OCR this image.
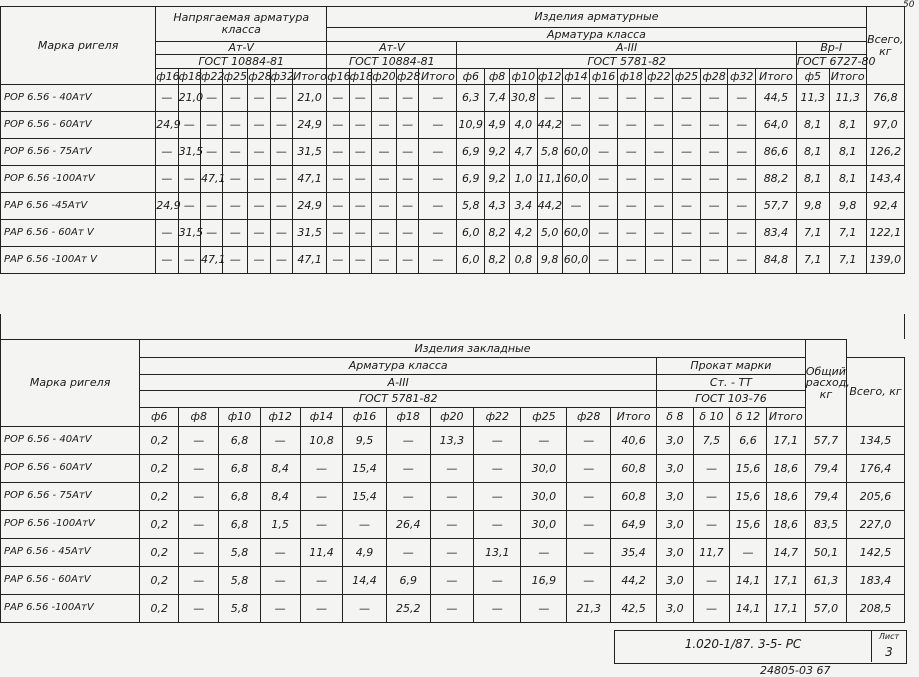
50
Марка ригеля	Напрягаемая арматура класса							Изделия арматурные																			Всего, кг
								Арматура класса																			
	Ат-V							Ат-V					А-III												Вр-I		
	ГОСТ 10884-81							ГОСТ 10884-81					ГОСТ 5781-82												ГОСТ 6727-80		
	ф16	ф18	ф22	ф25	ф28	ф32	Итого	ф16	ф18	ф20	ф28	Итого	ф6	ф8	ф10	ф12	ф14	ф16	ф18	ф22	ф25	ф28	ф32	Итого	ф5	Итого	
РОР 6.56 - 40АтV	—	21,0	—	—	—	—	21,0	—	—	—	—	—	6,3	7,4	30,8	—	—	—	—	—	—	—	—	44,5	11,3	11,3	76,8
РОР 6.56 - 60АтV	24,9	—	—	—	—	—	24,9	—	—	—	—	—	10,9	4,9	4,0	44,2	—	—	—	—	—	—	—	64,0	8,1	8,1	97,0
РОР 6.56 - 75АтV	—	31,5	—	—	—	—	31,5	—	—	—	—	—	6,9	9,2	4,7	5,8	60,0	—	—	—	—	—	—	86,6	8,1	8,1	126,2
РОР 6.56 -100АтV	—	—	47,1	—	—	—	47,1	—	—	—	—	—	6,9	9,2	1,0	11,1	60,0	—	—	—	—	—	—	88,2	8,1	8,1	143,4
РАР 6.56 -45АтV	24,9	—	—	—	—	—	24,9	—	—	—	—	—	5,8	4,3	3,4	44,2	—	—	—	—	—	—	—	57,7	9,8	9,8	92,4
РАР 6.56 - 60Ат V	—	31,5	—	—	—	—	31,5	—	—	—	—	—	6,0	8,2	4,2	5,0	60,0	—	—	—	—	—	—	83,4	7,1	7,1	122,1
РАР 6.56 -100Ат V	—	—	47,1	—	—	—	47,1	—	—	—	—	—	6,0	8,2	0,8	9,8	60,0	—	—	—	—	—	—	84,8	7,1	7,1	139,0
Марка ригеля	Изделия закладные																Общий расход, кг	
	Арматура класса												Прокат марки					Всего, кг
	А-III												Ст. - ТТ					
	ГОСТ 5781-82												ГОСТ 103-76					
	ф6	ф8	ф10	ф12	ф14	ф16	ф18	ф20	ф22	ф25	ф28	Итого	δ 8	δ 10	δ 12	Итого		
РОР 6.56 - 40АтV	0,2	—	6,8	—	10,8	9,5	—	13,3	—	—	—	40,6	3,0	7,5	6,6	17,1	57,7	134,5
РОР 6.56 - 60АтV	0,2	—	6,8	8,4	—	15,4	—	—	—	30,0	—	60,8	3,0	—	15,6	18,6	79,4	176,4
РОР 6.56 - 75АтV	0,2	—	6,8	8,4	—	15,4	—	—	—	30,0	—	60,8	3,0	—	15,6	18,6	79,4	205,6
РОР 6.56 -100АтV	0,2	—	6,8	1,5	—	—	26,4	—	—	30,0	—	64,9	3,0	—	15,6	18,6	83,5	227,0
РАР 6.56 - 45АтV	0,2	—	5,8	—	11,4	4,9	—	—	13,1	—	—	35,4	3,0	11,7	—	14,7	50,1	142,5
РАР 6.56 - 60АтV	0,2	—	5,8	—	—	14,4	6,9	—	—	16,9	—	44,2	3,0	—	14,1	17,1	61,3	183,4
РАР 6.56 -100АтV	0,2	—	5,8	—	—	—	25,2	—	—	—	21,3	42,5	3,0	—	14,1	17,1	57,0	208,5
1.020-1/87. 3-5- РС
Лист
3
24805-03 67
